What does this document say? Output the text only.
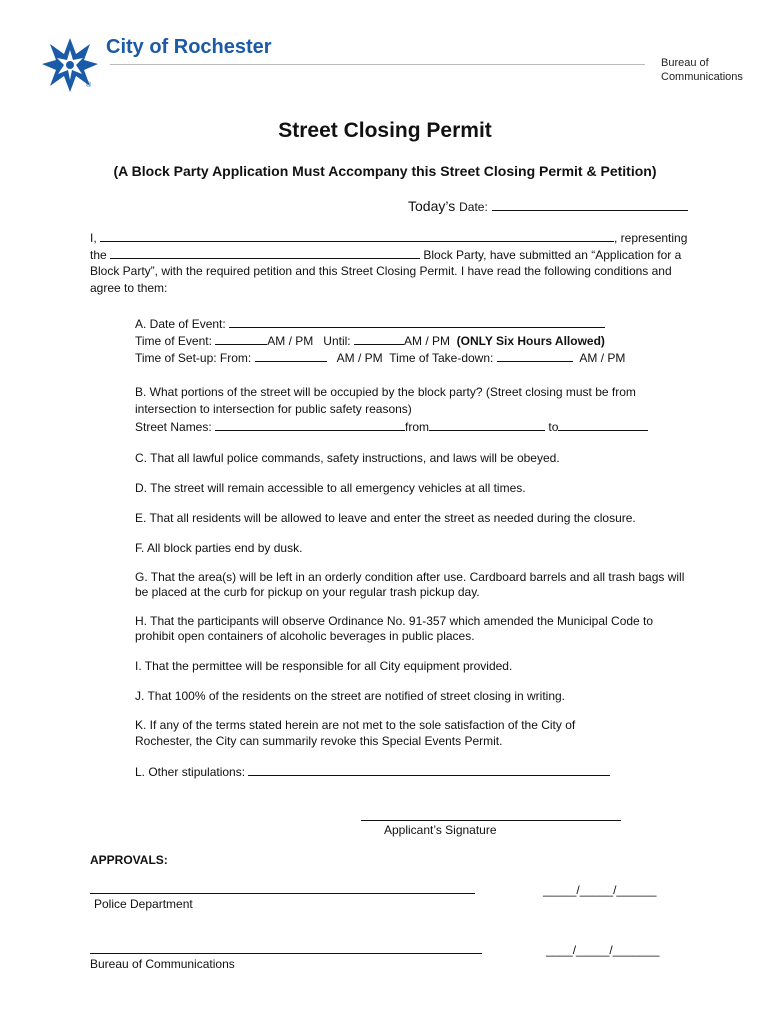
®
City of Rochester
Bureau of
Communications
Street Closing Permit
(A Block Party Application Must Accompany this Street Closing Permit & Petition)
Today’s Date:
I,	, representing
the	Block Party, have submitted an “Application for a
Block Party”, with the required petition and this Street Closing Permit. I have read the following conditions and
agree to them:
A. Date of Event:
Time of Event:	AM / PM Until:	AM / PM (ONLY Six Hours Allowed)
Time of Set-up: From:	AM / PM Time of Take-down:	AM / PM
B. What portions of the street will be occupied by the block party? (Street closing must be from
intersection to intersection for public safety reasons)
Street Names:	from	to
C. That all lawful police commands, safety instructions, and laws will be obeyed.
D. The street will remain accessible to all emergency vehicles at all times.
E. That all residents will be allowed to leave and enter the street as needed during the closure.
F. All block parties end by dusk.
G. That the area(s) will be left in an orderly condition after use. Cardboard barrels and all trash bags will
be placed at the curb for pickup on your regular trash pickup day.
H. That the participants will observe Ordinance No. 91-357 which amended the Municipal Code to
prohibit open containers of alcoholic beverages in public places.
I. That the permittee will be responsible for all City equipment provided.
J. That 100% of the residents on the street are notified of street closing in writing.
K. If any of the terms stated herein are not met to the sole satisfaction of the City of
Rochester, the City can summarily revoke this Special Events Permit.
L. Other stipulations:
Applicant’s Signature
APPROVALS:
Police Department
_____/_____/______
Bureau of Communications
____/_____/_______
